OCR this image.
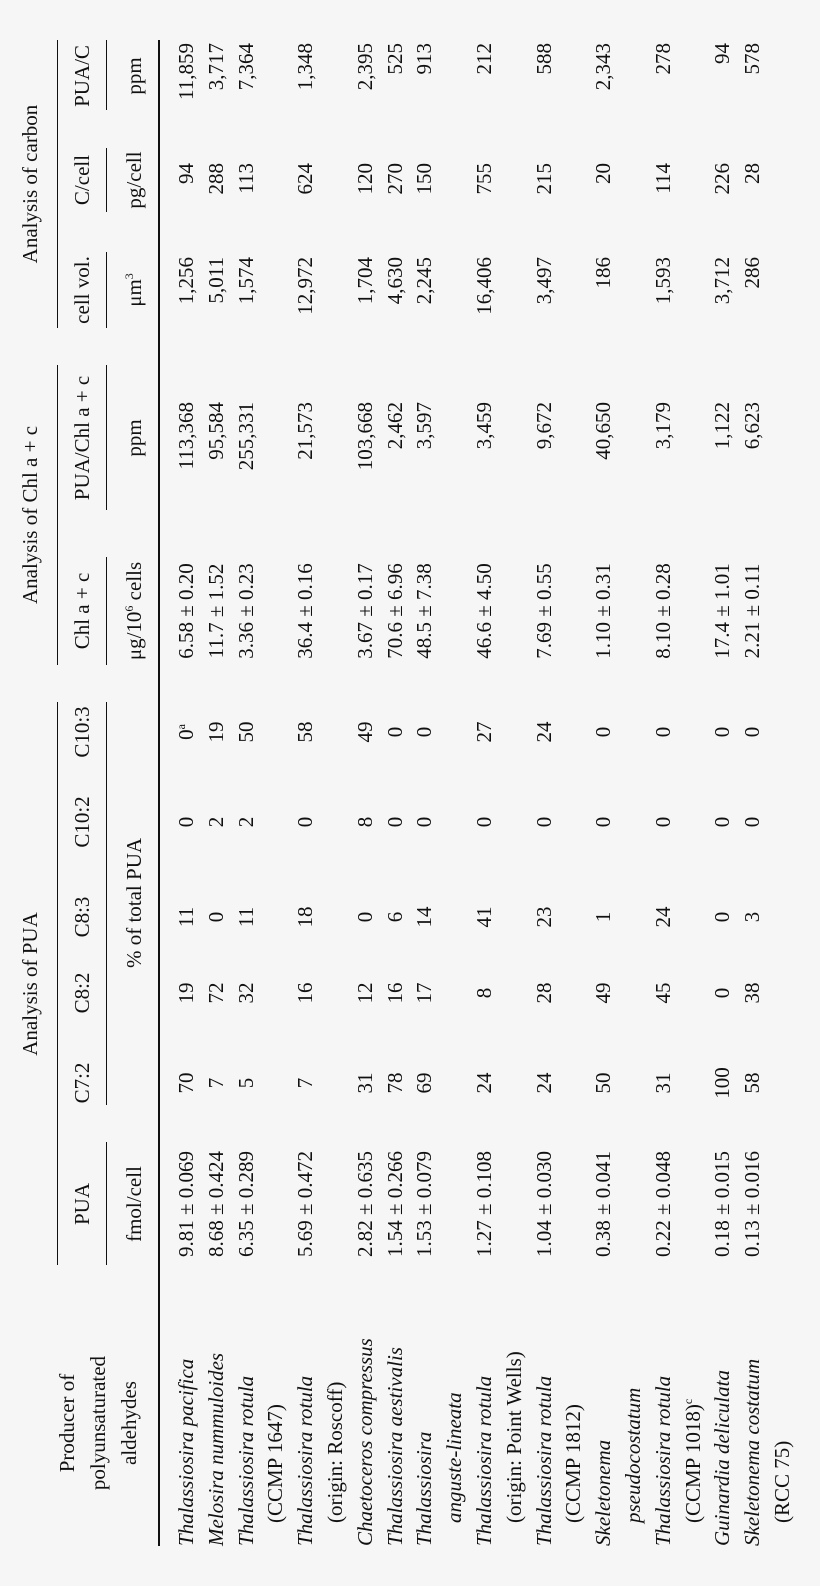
Analysis of PUA
Analysis of Chl a + c
Analysis of carbon
Producer of polyunsaturated aldehydes
PUA fmol/cell
C7:2
C8:2
C8:3
C10:2
C10:3
Chl a + c $\mu g/10^6$ cells
PUA/Chl a + c ppm
cell vol. $\mu m^3$
C/cell pg/cell
PUA/C ppm
% of total PUA
Thalassiosira pacifica
9.81 ± 0.069
70
19
11
0
0$^a$
6.58 ± 0.20
113,368
1,256
94
11,859
Melosira nummuloides
8.68 ± 0.424
7
72
0
2
19
11.7 ± 1.52
95,584
5,011
288
3,717
Thalassiosira rotula (CCMP 1647)
6.35 ± 0.289
5
32
11
2
50
3.36 ± 0.23
255,331
1,574
113
7,364
Thalassiosira rotula (origin: Roscoff)
5.69 ± 0.472
7
16
18
0
58
36.4 ± 0.16
21,573
12,972
624
1,348
Chaetoceros compressus
2.82 ± 0.635
31
12
0
8
49
3.67 ± 0.17
103,668
1,704
120
2,395
Thalassiosira aestivalis
1.54 ± 0.266
78
16
6
0
0
70.6 ± 6.96
2,462
4,630
270
525
Thalassiosira anguste-lineata
1.53 ± 0.079
69
17
14
0
0
48.5 ± 7.38
3,597
2,245
150
913
Thalassiosira rotula (origin: Point Wells)
1.27 ± 0.108
24
8
41
0
27
46.6 ± 4.50
3,459
16,406
755
212
Thalassiosira rotula (CCMP 1812)
1.04 ± 0.030
24
28
23
0
24
7.69 ± 0.55
9,672
3,497
215
588
Skeletonema pseudocostatum
0.38 ± 0.041
50
49
1
0
0
1.10 ± 0.31
40,650
186
20
2,343
Thalassiosira rotula (CCMP 1018)$^c$
0.22 ± 0.048
31
45
24
0
0
8.10 ± 0.28
3,179
1,593
114
278
Guinardia deliculata
0.18 ± 0.015
100
0
0
0
0
17.4 ± 1.01
1,122
3,712
226
94
Skeletonema costatum (RCC 75)
0.13 ± 0.016
58
38
3
0
0
2.21 ± 0.11
6,623
286
28
578
